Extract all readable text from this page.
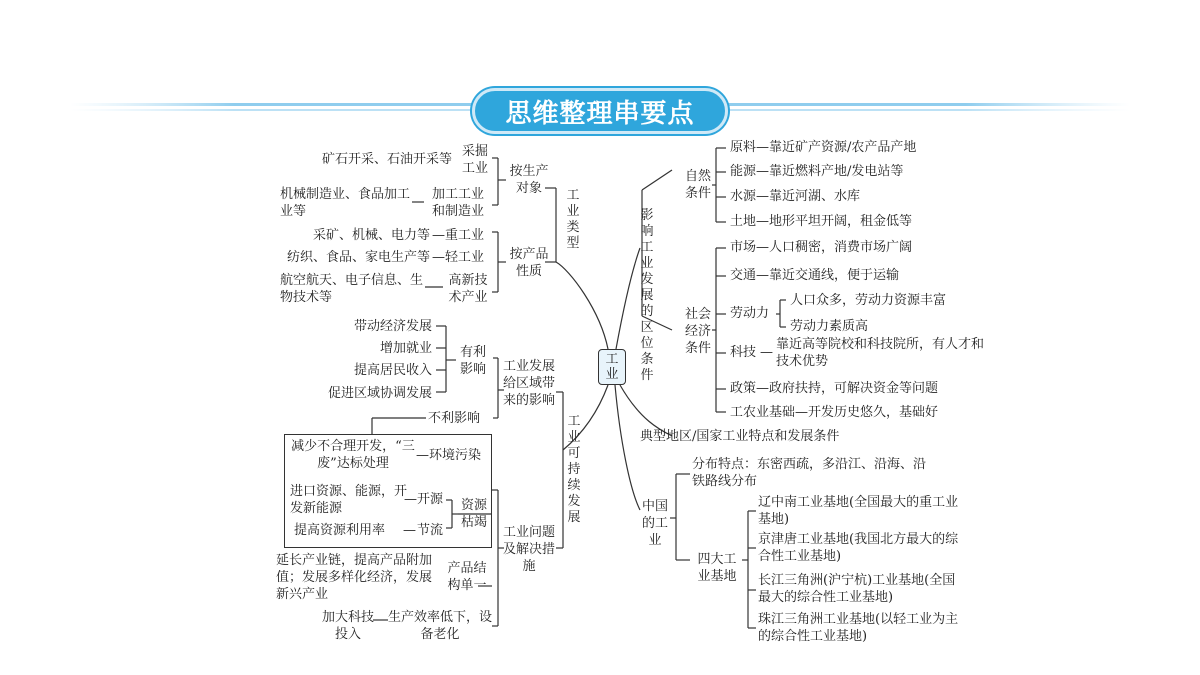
思维整理串要点
工业
工业类型
按生产对象
按产品性质
采掘工业
矿石开采、石油开采等
加工工业和制造业
机械制造业、食品加工业等
重工业
采矿、机械、电力等 —
轻工业
纺织、食品、家电生产等 —
高新技术产业
航空航天、电子信息、生物技术等
工业可持续发展
工业发展给区域带来的影响
有利影响
带动经济发展
增加就业
提高居民收入
促进区域协调发展
不利影响
工业问题及解决措施
减少不合理开发，“三废”达标处理
— 环境污染
进口资源、能源，开发新能源
— 开源
提高资源利用率 — 节流
资源枯竭
延长产业链，提高产品附加值；发展多样化经济，发展新兴产业
产品结构单一
加大科技投入
生产效率低下，设备老化
影响工业发展的区位条件
自然条件
原料—靠近矿产资源/农产品产地
能源—靠近燃料产地/发电站等
水源—靠近河湖、水库
土地—地形平坦开阔，租金低等
社会经济条件
市场—人口稠密，消费市场广阔
交通—靠近交通线，便于运输
劳动力
人口众多，劳动力资源丰富
劳动力素质高
科技 —
靠近高等院校和科技院所，有人才和技术优势
政策—政府扶持，可解决资金等问题
工农业基础—开发历史悠久，基础好
典型地区/国家工业特点和发展条件
中国的工业
分布特点：东密西疏，多沿江、沿海、沿铁路线分布
四大工业基地
辽中南工业基地(全国最大的重工业基地)
京津唐工业基地(我国北方最大的综合性工业基地)
长江三角洲(沪宁杭)工业基地(全国最大的综合性工业基地)
珠江三角洲工业基地(以轻工业为主的综合性工业基地)
